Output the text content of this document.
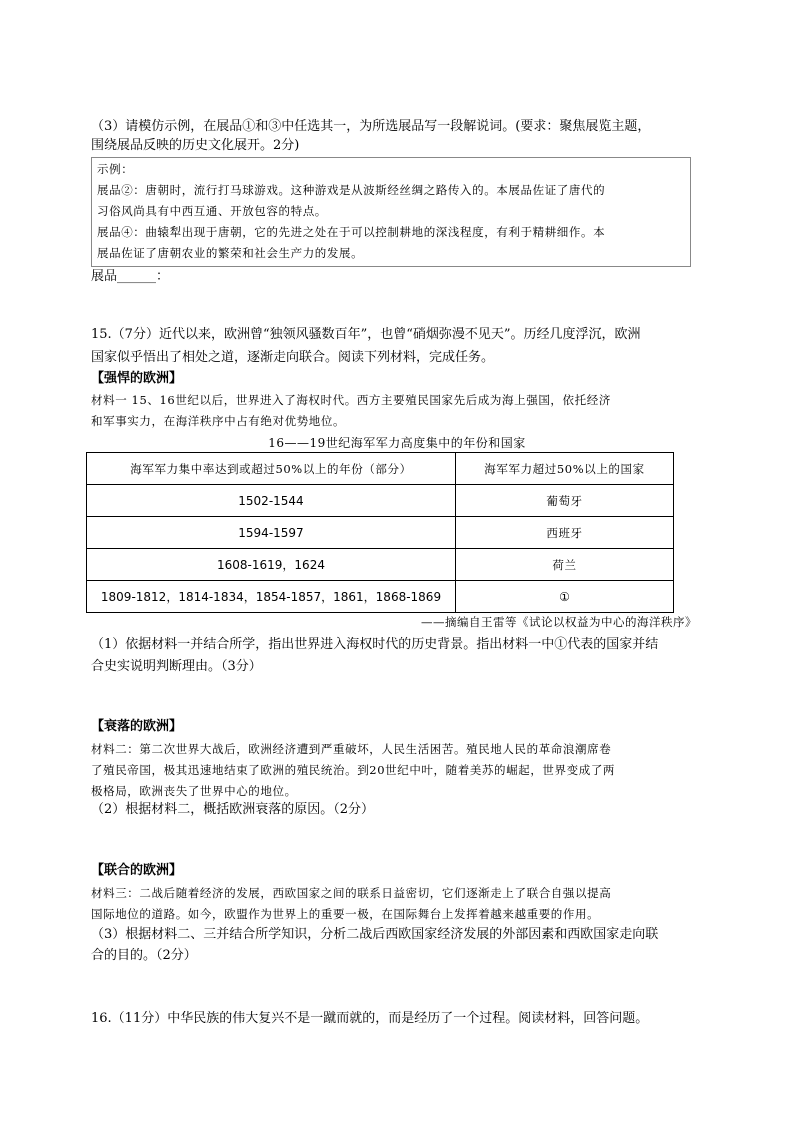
（3）请模仿示例，在展品①和③中任选其一，为所选展品写一段解说词。(要求：聚焦展览主题，
围绕展品反映的历史文化展开。2分)
示例：
展品②：唐朝时，流行打马球游戏。这种游戏是从波斯经丝绸之路传入的。本展品佐证了唐代的
习俗风尚具有中西互通、开放包容的特点。
展品④：曲辕犁出现于唐朝，它的先进之处在于可以控制耕地的深浅程度，有利于精耕细作。本
展品佐证了唐朝农业的繁荣和社会生产力的发展。
展品______：
15.（7分）近代以来，欧洲曾“独领风骚数百年”，也曾“硝烟弥漫不见天”。历经几度浮沉，欧洲
国家似乎悟出了相处之道，逐渐走向联合。阅读下列材料，完成任务。
【强悍的欧洲】
材料一 15、16世纪以后，世界进入了海权时代。西方主要殖民国家先后成为海上强国，依托经济
和军事实力，在海洋秩序中占有绝对优势地位。
16——19世纪海军军力高度集中的年份和国家
海军军力集中率达到或超过50%以上的年份（部分）	海军军力超过50%以上的国家
1502-1544	葡萄牙
1594-1597	西班牙
1608-1619，1624	荷兰
1809-1812，1814-1834，1854-1857，1861，1868-1869	①
——摘编自王雷等《试论以权益为中心的海洋秩序》
（1）依据材料一并结合所学，指出世界进入海权时代的历史背景。指出材料一中①代表的国家并结
合史实说明判断理由。（3分）
【衰落的欧洲】
材料二：第二次世界大战后，欧洲经济遭到严重破坏，人民生活困苦。殖民地人民的革命浪潮席卷
了殖民帝国，极其迅速地结束了欧洲的殖民统治。到20世纪中叶，随着美苏的崛起，世界变成了两
极格局，欧洲丧失了世界中心的地位。
（2）根据材料二，概括欧洲衰落的原因。（2分）
【联合的欧洲】
材料三：二战后随着经济的发展，西欧国家之间的联系日益密切，它们逐渐走上了联合自强以提高
国际地位的道路。如今，欧盟作为世界上的重要一极，在国际舞台上发挥着越来越重要的作用。
（3）根据材料二、三并结合所学知识，分析二战后西欧国家经济发展的外部因素和西欧国家走向联
合的目的。（2分）
16.（11分）中华民族的伟大复兴不是一蹴而就的，而是经历了一个过程。阅读材料，回答问题。
